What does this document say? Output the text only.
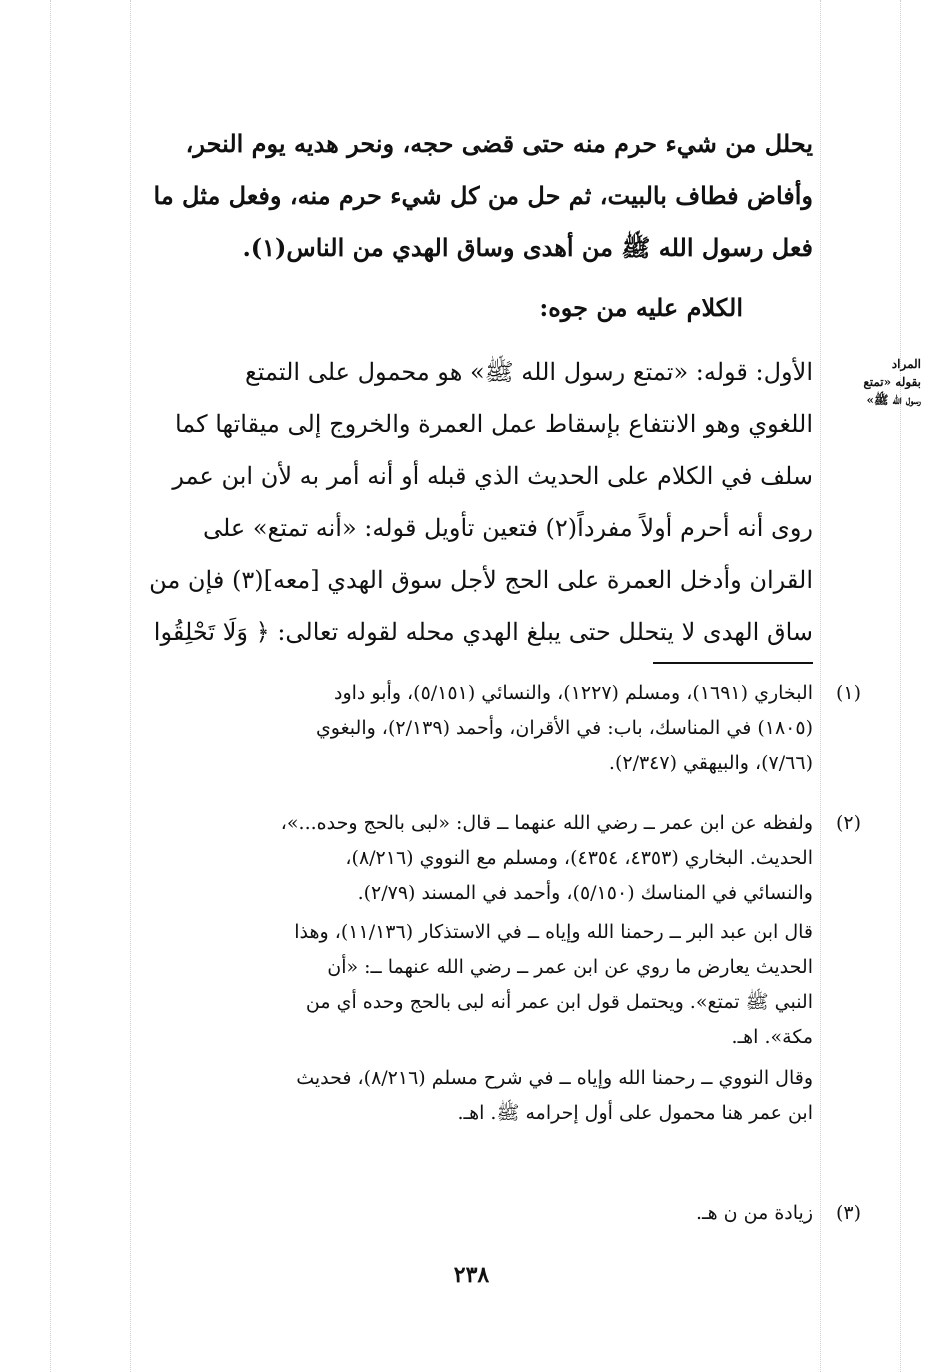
يحلل من شيء حرم منه حتى قضى حجه، ونحر هديه يوم النحر،
وأفاض فطاف بالبيت، ثم حل من كل شيء حرم منه، وفعل مثل ما
فعل رسول الله ﷺ من أهدى وساق الهدي من الناس(١).
الكلام عليه من جوه:
المراد
بقوله «تمتع
رسول الله ﷺ»
الأول: قوله: «تمتع رسول الله ﷺ» هو محمول على التمتع
اللغوي وهو الانتفاع بإسقاط عمل العمرة والخروج إلى ميقاتها كما
سلف في الكلام على الحديث الذي قبله أو أنه أمر به لأن ابن عمر
روى أنه أحرم أولاً مفرداً(٢) فتعين تأويل قوله: «أنه تمتع» على
القران وأدخل العمرة على الحج لأجل سوق الهدي [معه](٣) فإن من
ساق الهدى لا يتحلل حتى يبلغ الهدي محله لقوله تعالى: ﴿ وَلَا تَحْلِقُوا
(١)
البخاري (١٦٩١)، ومسلم (١٢٢٧)، والنسائي (٥/١٥١)، وأبو داود
(١٨٠٥) في المناسك، باب: في الأقران، وأحمد (٢/١٣٩)، والبغوي
(٧/٦٦)، والبيهقي (٢/٣٤٧).
(٢)
ولفظه عن ابن عمر ــ رضي الله عنهما ــ قال: «لبى بالحج وحده...»،
الحديث. البخاري (٤٣٥٣، ٤٣٥٤)، ومسلم مع النووي (٨/٢١٦)،
والنسائي في المناسك (٥/١٥٠)، وأحمد في المسند (٢/٧٩).
قال ابن عبد البر ــ رحمنا الله وإياه ــ في الاستذكار (١١/١٣٦)، وهذا
الحديث يعارض ما روي عن ابن عمر ــ رضي الله عنهما ــ: «أن
النبي ﷺ تمتع». ويحتمل قول ابن عمر أنه لبى بالحج وحده أي من
مكة». اهـ.
وقال النووي ــ رحمنا الله وإياه ــ في شرح مسلم (٨/٢١٦)، فحديث
ابن عمر هنا محمول على أول إحرامه ﷺ. اهـ.
(٣)
زيادة من ن هـ.
٢٣٨
